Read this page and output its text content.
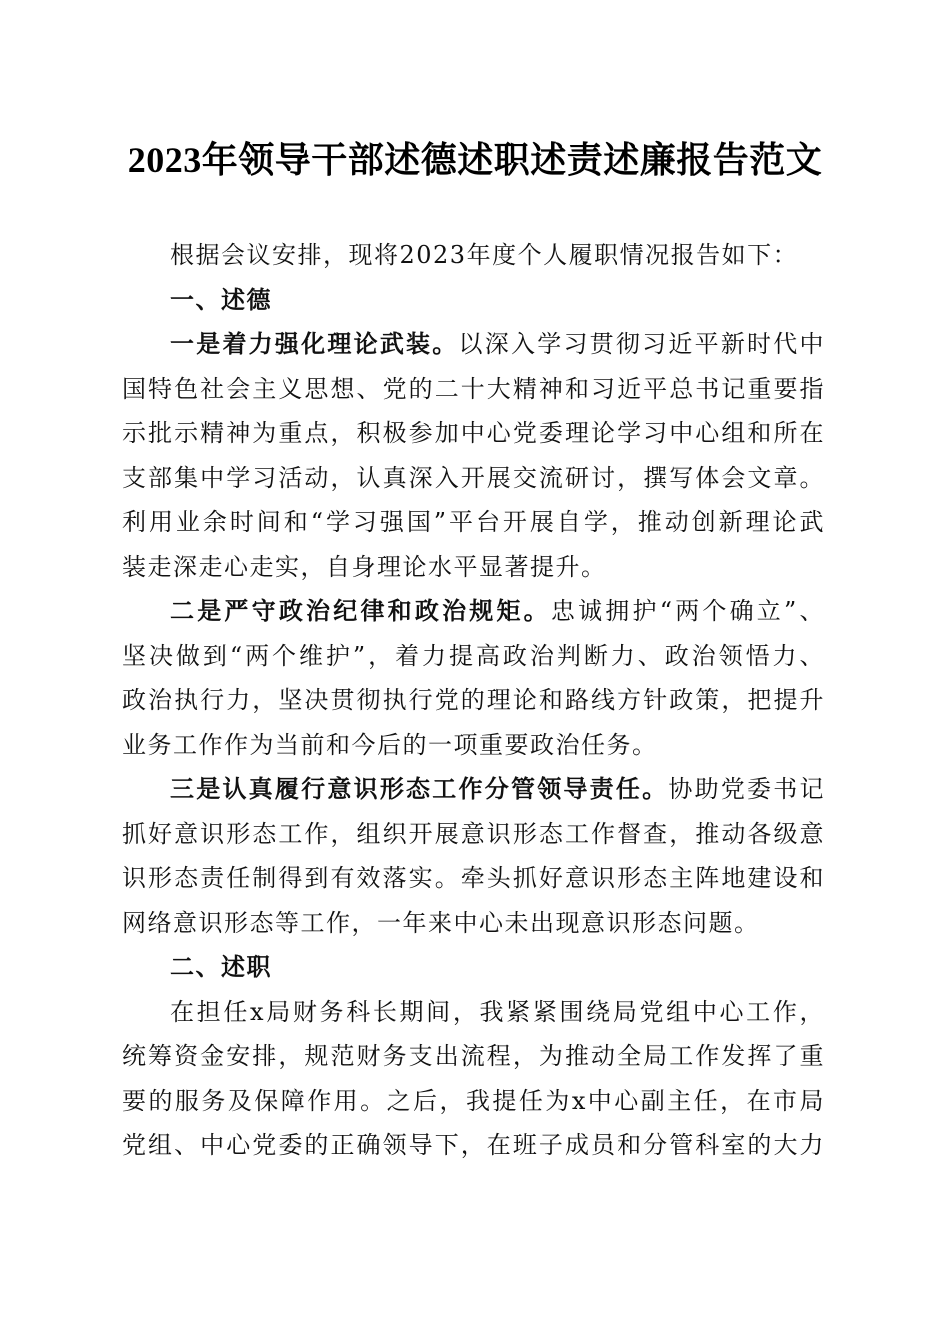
2023年领导干部述德述职述责述廉报告范文
根据会议安排，现将2023年度个人履职情况报告如下：
一、述德
一是着力强化理论武装。以深入学习贯彻习近平新时代中
国特色社会主义思想、党的二十大精神和习近平总书记重要指
示批示精神为重点，积极参加中心党委理论学习中心组和所在
支部集中学习活动，认真深入开展交流研讨，撰写体会文章。
利用业余时间和“学习强国”平台开展自学，推动创新理论武
装走深走心走实，自身理论水平显著提升。
二是严守政治纪律和政治规矩。忠诚拥护“两个确立”、
坚决做到“两个维护”，着力提高政治判断力、政治领悟力、
政治执行力，坚决贯彻执行党的理论和路线方针政策，把提升
业务工作作为当前和今后的一项重要政治任务。
三是认真履行意识形态工作分管领导责任。协助党委书记
抓好意识形态工作，组织开展意识形态工作督查，推动各级意
识形态责任制得到有效落实。牵头抓好意识形态主阵地建设和
网络意识形态等工作，一年来中心未出现意识形态问题。
二、述职
在担任x局财务科长期间，我紧紧围绕局党组中心工作，
统筹资金安排，规范财务支出流程，为推动全局工作发挥了重
要的服务及保障作用。之后，我提任为x中心副主任，在市局
党组、中心党委的正确领导下，在班子成员和分管科室的大力
